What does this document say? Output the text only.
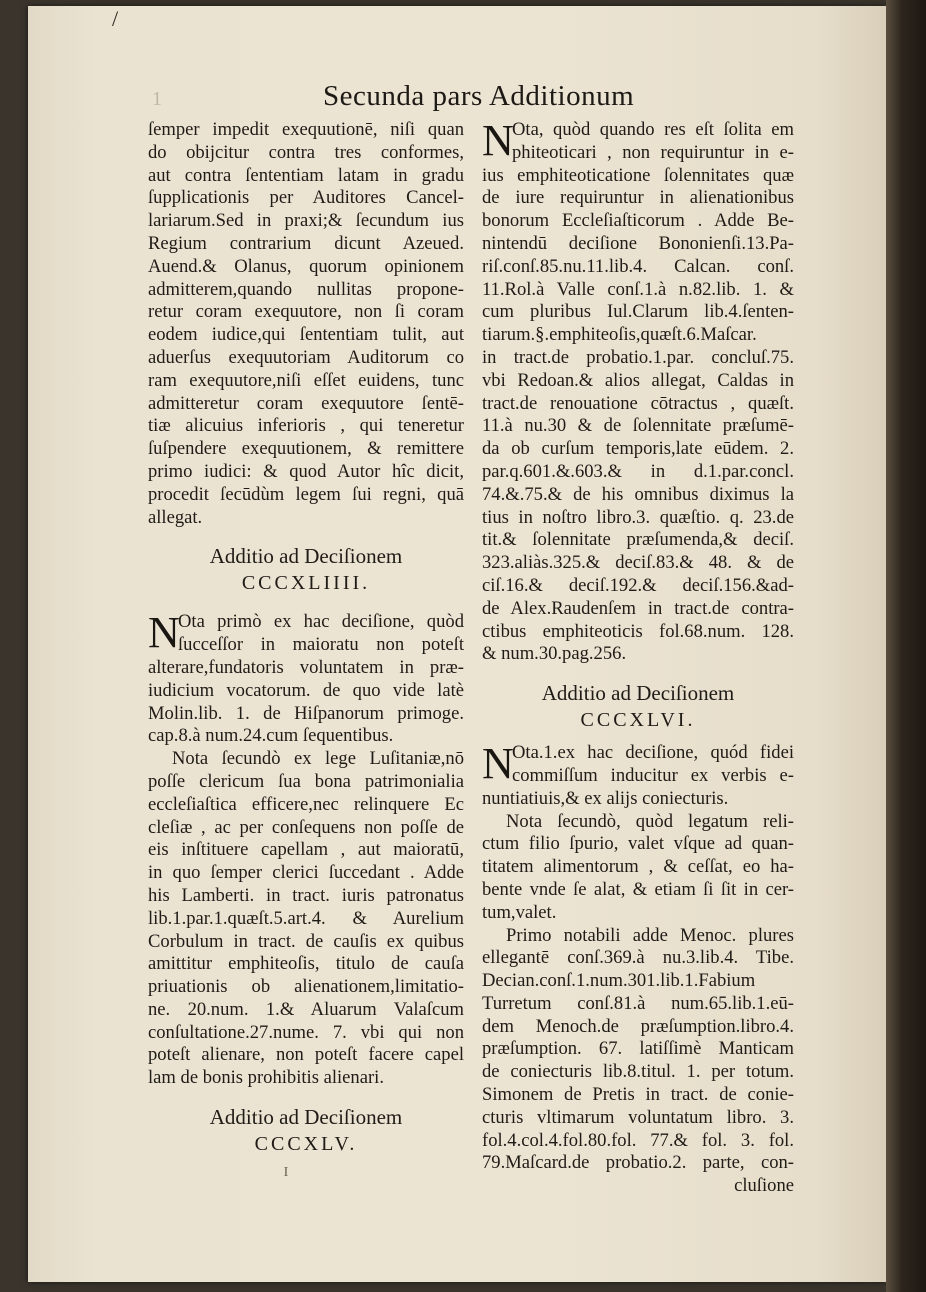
/
1	Secunda pars Additionum
ſemper impedit exequutionē, niſi quan
do obijcitur contra tres conformes,
aut contra ſententiam latam in gradu
ſupplicationis per Auditores Cancel-
lariarum.Sed in praxi;& ſecundum ius
Regium contrarium dicunt Azeued.
Auend.& Olanus, quorum opinionem
admitterem,quando nullitas propone-
retur coram exequutore, non ſi coram
eodem iudice,qui ſententiam tulit, aut
aduerſus exequutoriam Auditorum co
ram exequutore,niſi eſſet euidens, tunc
admitteretur coram exequutore ſentē-
tiæ alicuius inferioris , qui teneretur
ſuſpendere exequutionem, & remittere
primo iudici: & quod Autor hîc dicit,
procedit ſecūdùm legem ſui regni, quā
allegat.
Additio ad Deciſionem
CCCXLIIII.
N
Ota primò ex hac deciſione, quòd
ſucceſſor in maioratu non poteſt
alterare,fundatoris voluntatem in præ-
iudicium vocatorum. de quo vide latè
Molin.lib. 1. de Hiſpanorum primoge.
cap.8.à num.24.cum ſequentibus.
Nota ſecundò ex lege Luſitaniæ,nō
poſſe clericum ſua bona patrimonialia
eccleſiaſtica efficere,nec relinquere Ec
cleſiæ , ac per conſequens non poſſe de
eis inſtituere capellam , aut maioratū,
in quo ſemper clerici ſuccedant . Adde
his Lamberti. in tract. iuris patronatus
lib.1.par.1.quæſt.5.art.4. & Aurelium
Corbulum in tract. de cauſis ex quibus
amittitur emphiteoſis, titulo de cauſa
priuationis ob alienationem,limitatio-
ne. 20.num. 1.& Aluarum Valaſcum
conſultatione.27.nume. 7. vbi qui non
poteſt alienare, non poteſt facere capel
lam de bonis prohibitis alienari.
Additio ad Deciſionem
CCCXLV.
I
N
Ota, quòd quando res eſt ſolita em
phiteoticari , non requiruntur in e-
ius emphiteoticatione ſolennitates quæ
de iure requiruntur in alienationibus
bonorum Eccleſiaſticorum . Adde Be-
nintendū deciſione Bononienſi.13.Pa-
riſ.conſ.85.nu.11.lib.4. Calcan. conſ.
11.Rol.à Valle conſ.1.à n.82.lib. 1. &
cum pluribus Iul.Clarum lib.4.ſenten-
tiarum.§.emphiteoſis,quæſt.6.Maſcar.
in tract.de probatio.1.par. concluſ.75.
vbi Redoan.& alios allegat, Caldas in
tract.de renouatione cōtractus , quæſt.
11.à nu.30 & de ſolennitate præſumē-
da ob curſum temporis,late eūdem. 2.
par.q.601.&.603.& in d.1.par.concl.
74.&.75.& de his omnibus diximus la
tius in noſtro libro.3. quæſtio. q. 23.de
tit.& ſolennitate præſumenda,& deciſ.
323.aliàs.325.& deciſ.83.& 48. & de
ciſ.16.& deciſ.192.& deciſ.156.&ad-
de Alex.Raudenſem in tract.de contra-
ctibus emphiteoticis fol.68.num. 128.
& num.30.pag.256.
Additio ad Deciſionem
CCCXLVI.
N
Ota.1.ex hac deciſione, quód fidei
commiſſum inducitur ex verbis e-
nuntiatiuis,& ex alijs coniecturis.
Nota ſecundò, quòd legatum reli-
ctum filio ſpurio, valet vſque ad quan-
titatem alimentorum , & ceſſat, eo ha-
bente vnde ſe alat, & etiam ſi ſit in cer-
tum,valet.
Primo notabili adde Menoc. plures
ellegantē conſ.369.à nu.3.lib.4. Tibe.
Decian.conſ.1.num.301.lib.1.Fabium
Turretum conſ.81.à num.65.lib.1.eū-
dem Menoch.de præſumption.libro.4.
præſumption. 67. latiſſimè Manticam
de coniecturis lib.8.titul. 1. per totum.
Simonem de Pretis in tract. de conie-
cturis vltimarum voluntatum libro. 3.
fol.4.col.4.fol.80.fol. 77.& fol. 3. fol.
79.Maſcard.de probatio.2. parte, con-
cluſione
